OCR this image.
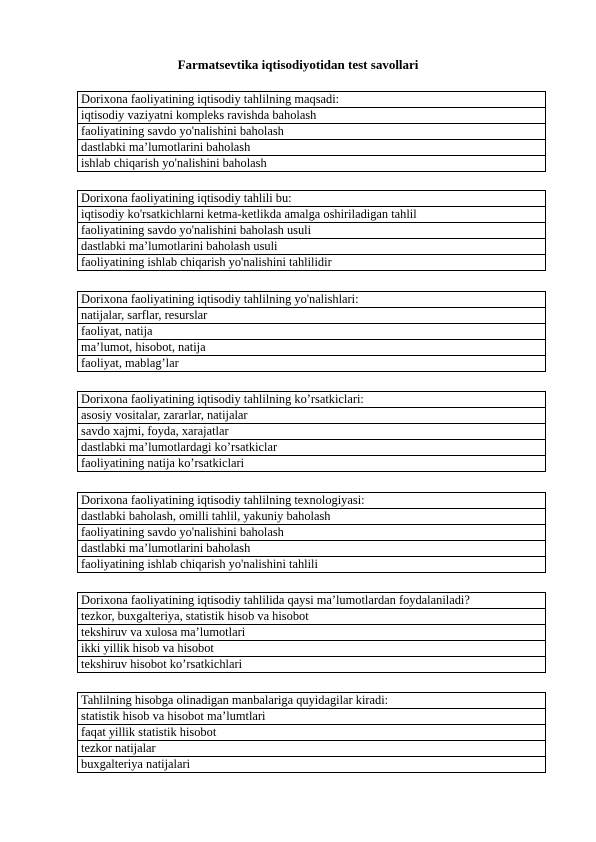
Farmatsevtika iqtisodiyotidan test savollari
Dorixona faoliyatining iqtisodiy tahlilning maqsadi:
iqtisodiy vaziyatni kompleks ravishda baholash
faoliyatining savdo yo'nalishini baholash
dastlabki ma’lumotlarini baholash
ishlab chiqarish yo'nalishini baholash
Dorixona faoliyatining iqtisodiy tahlili bu:
iqtisodiy ko'rsatkichlarni ketma-ketlikda amalga oshiriladigan tahlil
faoliyatining savdo yo'nalishini baholash usuli
dastlabki ma’lumotlarini baholash usuli
faoliyatining ishlab chiqarish yo'nalishini tahlilidir
Dorixona faoliyatining iqtisodiy tahlilning yo'nalishlari:
natijalar, sarflar, resurslar
faoliyat, natija
ma’lumot, hisobot, natija
faoliyat, mablag’lar
Dorixona faoliyatining iqtisodiy tahlilning ko’rsatkiclari:
asosiy vositalar, zararlar, natijalar
savdo xajmi, foyda, xarajatlar
dastlabki ma’lumotlardagi ko’rsatkiclar
faoliyatining natija ko’rsatkiclari
Dorixona faoliyatining iqtisodiy tahlilning texnologiyasi:
dastlabki baholash, omilli tahlil, yakuniy baholash
faoliyatining savdo yo'nalishini baholash
dastlabki ma’lumotlarini baholash
faoliyatining ishlab chiqarish yo'nalishini tahlili
Dorixona faoliyatining iqtisodiy tahlilida qaysi ma’lumotlardan foydalaniladi?
tezkor, buxgalteriya, statistik hisob va hisobot
tekshiruv va xulosa ma’lumotlari
ikki yillik hisob va hisobot
tekshiruv hisobot ko’rsatkichlari
Tahlilning hisobga olinadigan manbalariga quyidagilar kiradi:
statistik hisob va hisobot ma’lumtlari
faqat yillik statistik hisobot
tezkor natijalar
buxgalteriya natijalari
